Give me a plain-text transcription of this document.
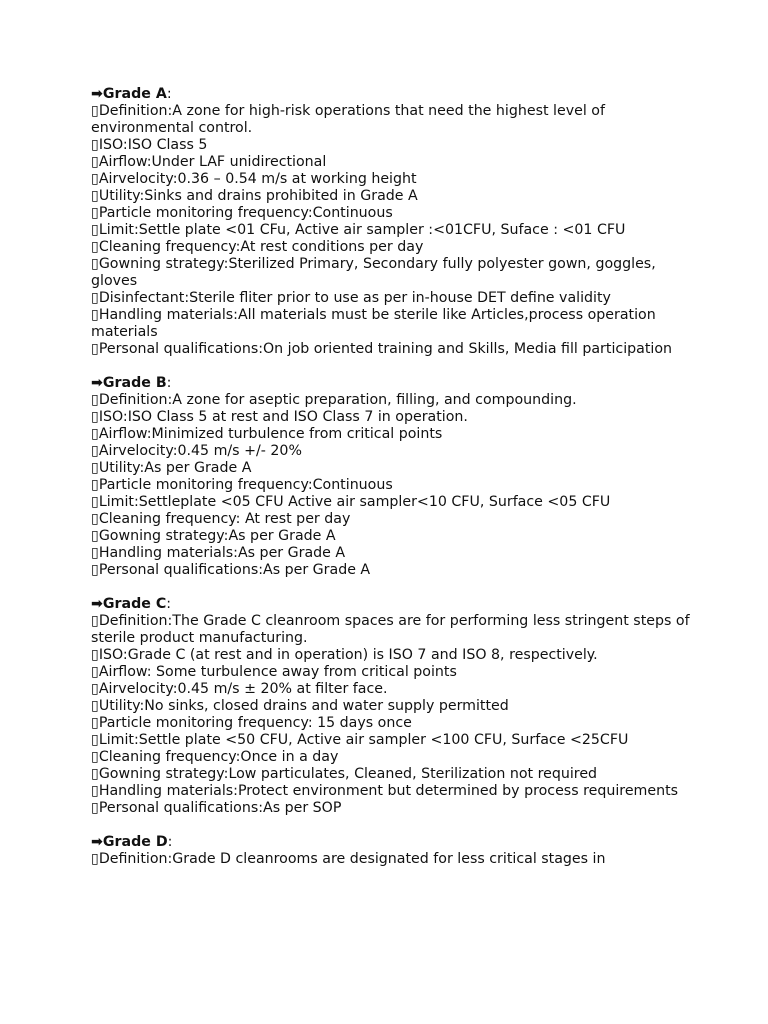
➡Grade A:
▯Definition:A zone for high-risk operations that need the highest level of environmental control.
▯ISO:ISO Class 5
▯Airflow:Under LAF unidirectional
▯Airvelocity:0.36 – 0.54 m/s at working height
▯Utility:Sinks and drains prohibited in Grade A
▯Particle monitoring frequency:Continuous
▯Limit:Settle plate <01 CFu, Active air sampler :<01CFU, Suface : <01 CFU
▯Cleaning frequency:At rest conditions per day
▯Gowning strategy:Sterilized Primary, Secondary fully polyester gown, goggles, gloves
▯Disinfectant:Sterile fliter prior to use as per in-house DET define validity
▯Handling materials:All materials must be sterile like Articles,process operation materials
▯Personal qualifications:On job oriented training and Skills, Media fill participation
➡Grade B:
▯Definition:A zone for aseptic preparation, filling, and compounding.
▯ISO:ISO Class 5 at rest and ISO Class 7 in operation.
▯Airflow:Minimized turbulence from critical points
▯Airvelocity:0.45 m/s +/- 20%
▯Utility:As per Grade A
▯Particle monitoring frequency:Continuous
▯Limit:Settleplate <05 CFU Active air sampler<10 CFU, Surface <05 CFU
▯Cleaning frequency: At rest per day
▯Gowning strategy:As per Grade A
▯Handling materials:As per Grade A
▯Personal qualifications:As per Grade A
➡Grade C:
▯Definition:The Grade C cleanroom spaces are for performing less stringent steps of sterile product manufacturing.
▯ISO:Grade C (at rest and in operation) is ISO 7 and ISO 8, respectively.
▯Airflow: Some turbulence away from critical points
▯Airvelocity:0.45 m/s ± 20% at filter face.
▯Utility:No sinks, closed drains and water supply permitted
▯Particle monitoring frequency: 15 days once
▯Limit:Settle plate <50 CFU, Active air sampler <100 CFU, Surface <25CFU
▯Cleaning frequency:Once in a day
▯Gowning strategy:Low particulates, Cleaned, Sterilization not required
▯Handling materials:Protect environment but determined by process requirements
▯Personal qualifications:As per SOP
➡Grade D:
▯Definition:Grade D cleanrooms are designated for less critical stages in
